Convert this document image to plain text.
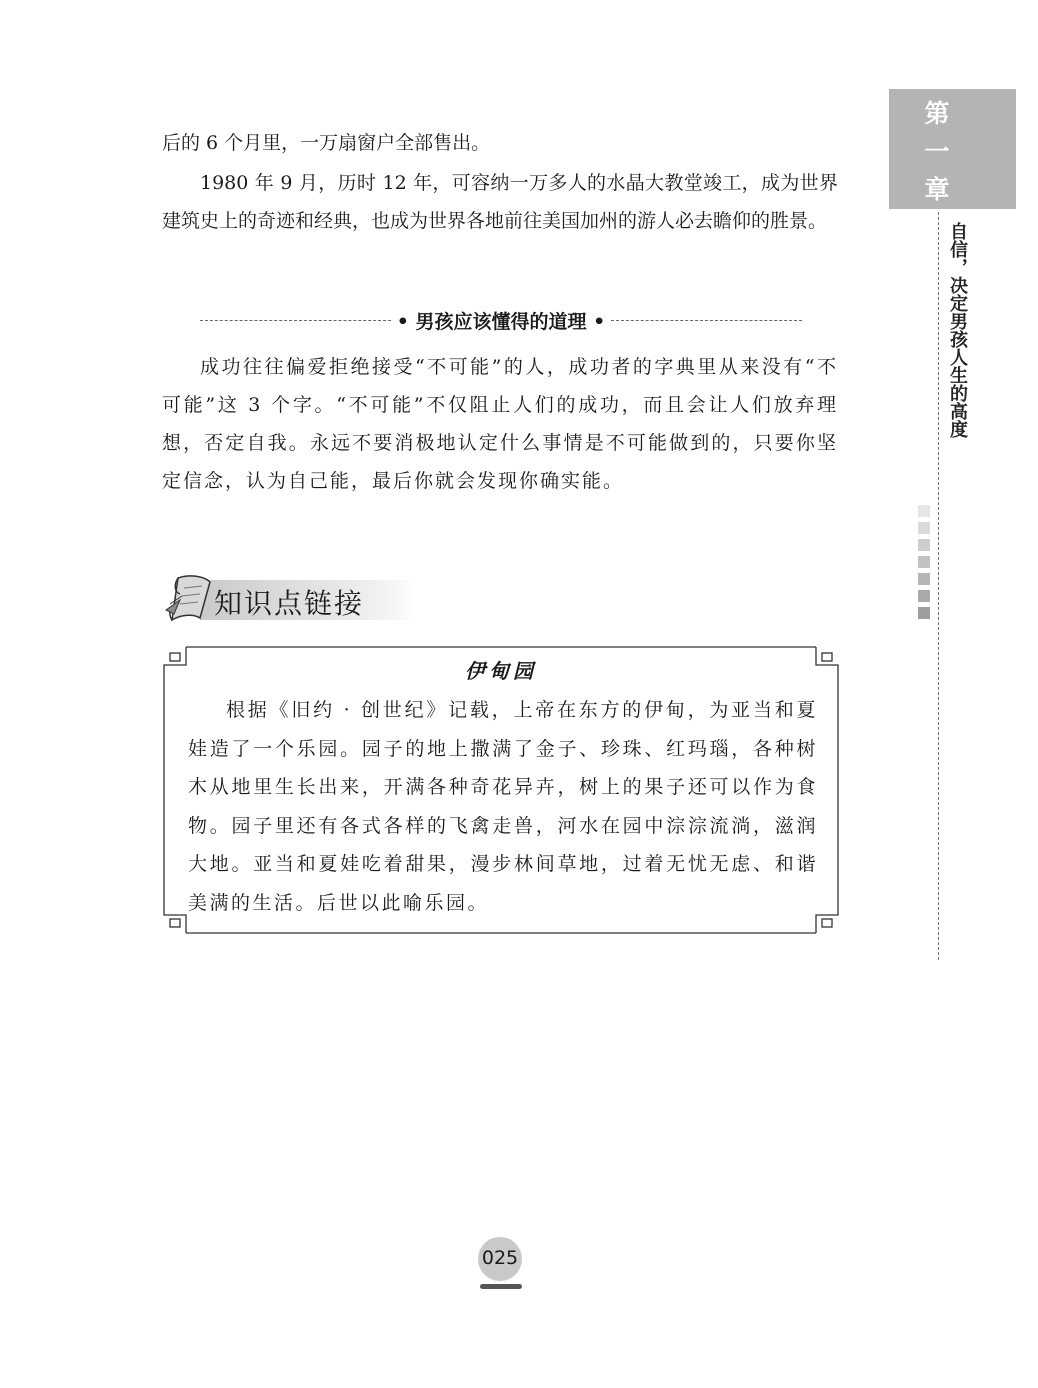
后的 6 个月里，一万扇窗户全部售出。

1980 年 9 月，历时 12 年，可容纳一万多人的水晶大教堂竣工，成为世界建筑史上的奇迹和经典，也成为世界各地前往美国加州的游人必去瞻仰的胜景。

• 男孩应该懂得的道理 •

成功往往偏爱拒绝接受“不可能”的人，成功者的字典里从来没有“不可能”这 3 个字。“不可能”不仅阻止人们的成功，而且会让人们放弃理想，否定自我。永远不要消极地认定什么事情是不可能做到的，只要你坚定信念，认为自己能，最后你就会发现你确实能。

知识点链接
伊甸园

根据《旧约 · 创世纪》记载，上帝在东方的伊甸，为亚当和夏娃造了一个乐园。园子的地上撒满了金子、珍珠、红玛瑙，各种树木从地里生长出来，开满各种奇花异卉，树上的果子还可以作为食物。园子里还有各式各样的飞禽走兽，河水在园中淙淙流淌，滋润大地。亚当和夏娃吃着甜果，漫步林间草地，过着无忧无虑、和谐美满的生活。后世以此喻乐园。

第
一
章
自信，决定男孩人生的高度
025
